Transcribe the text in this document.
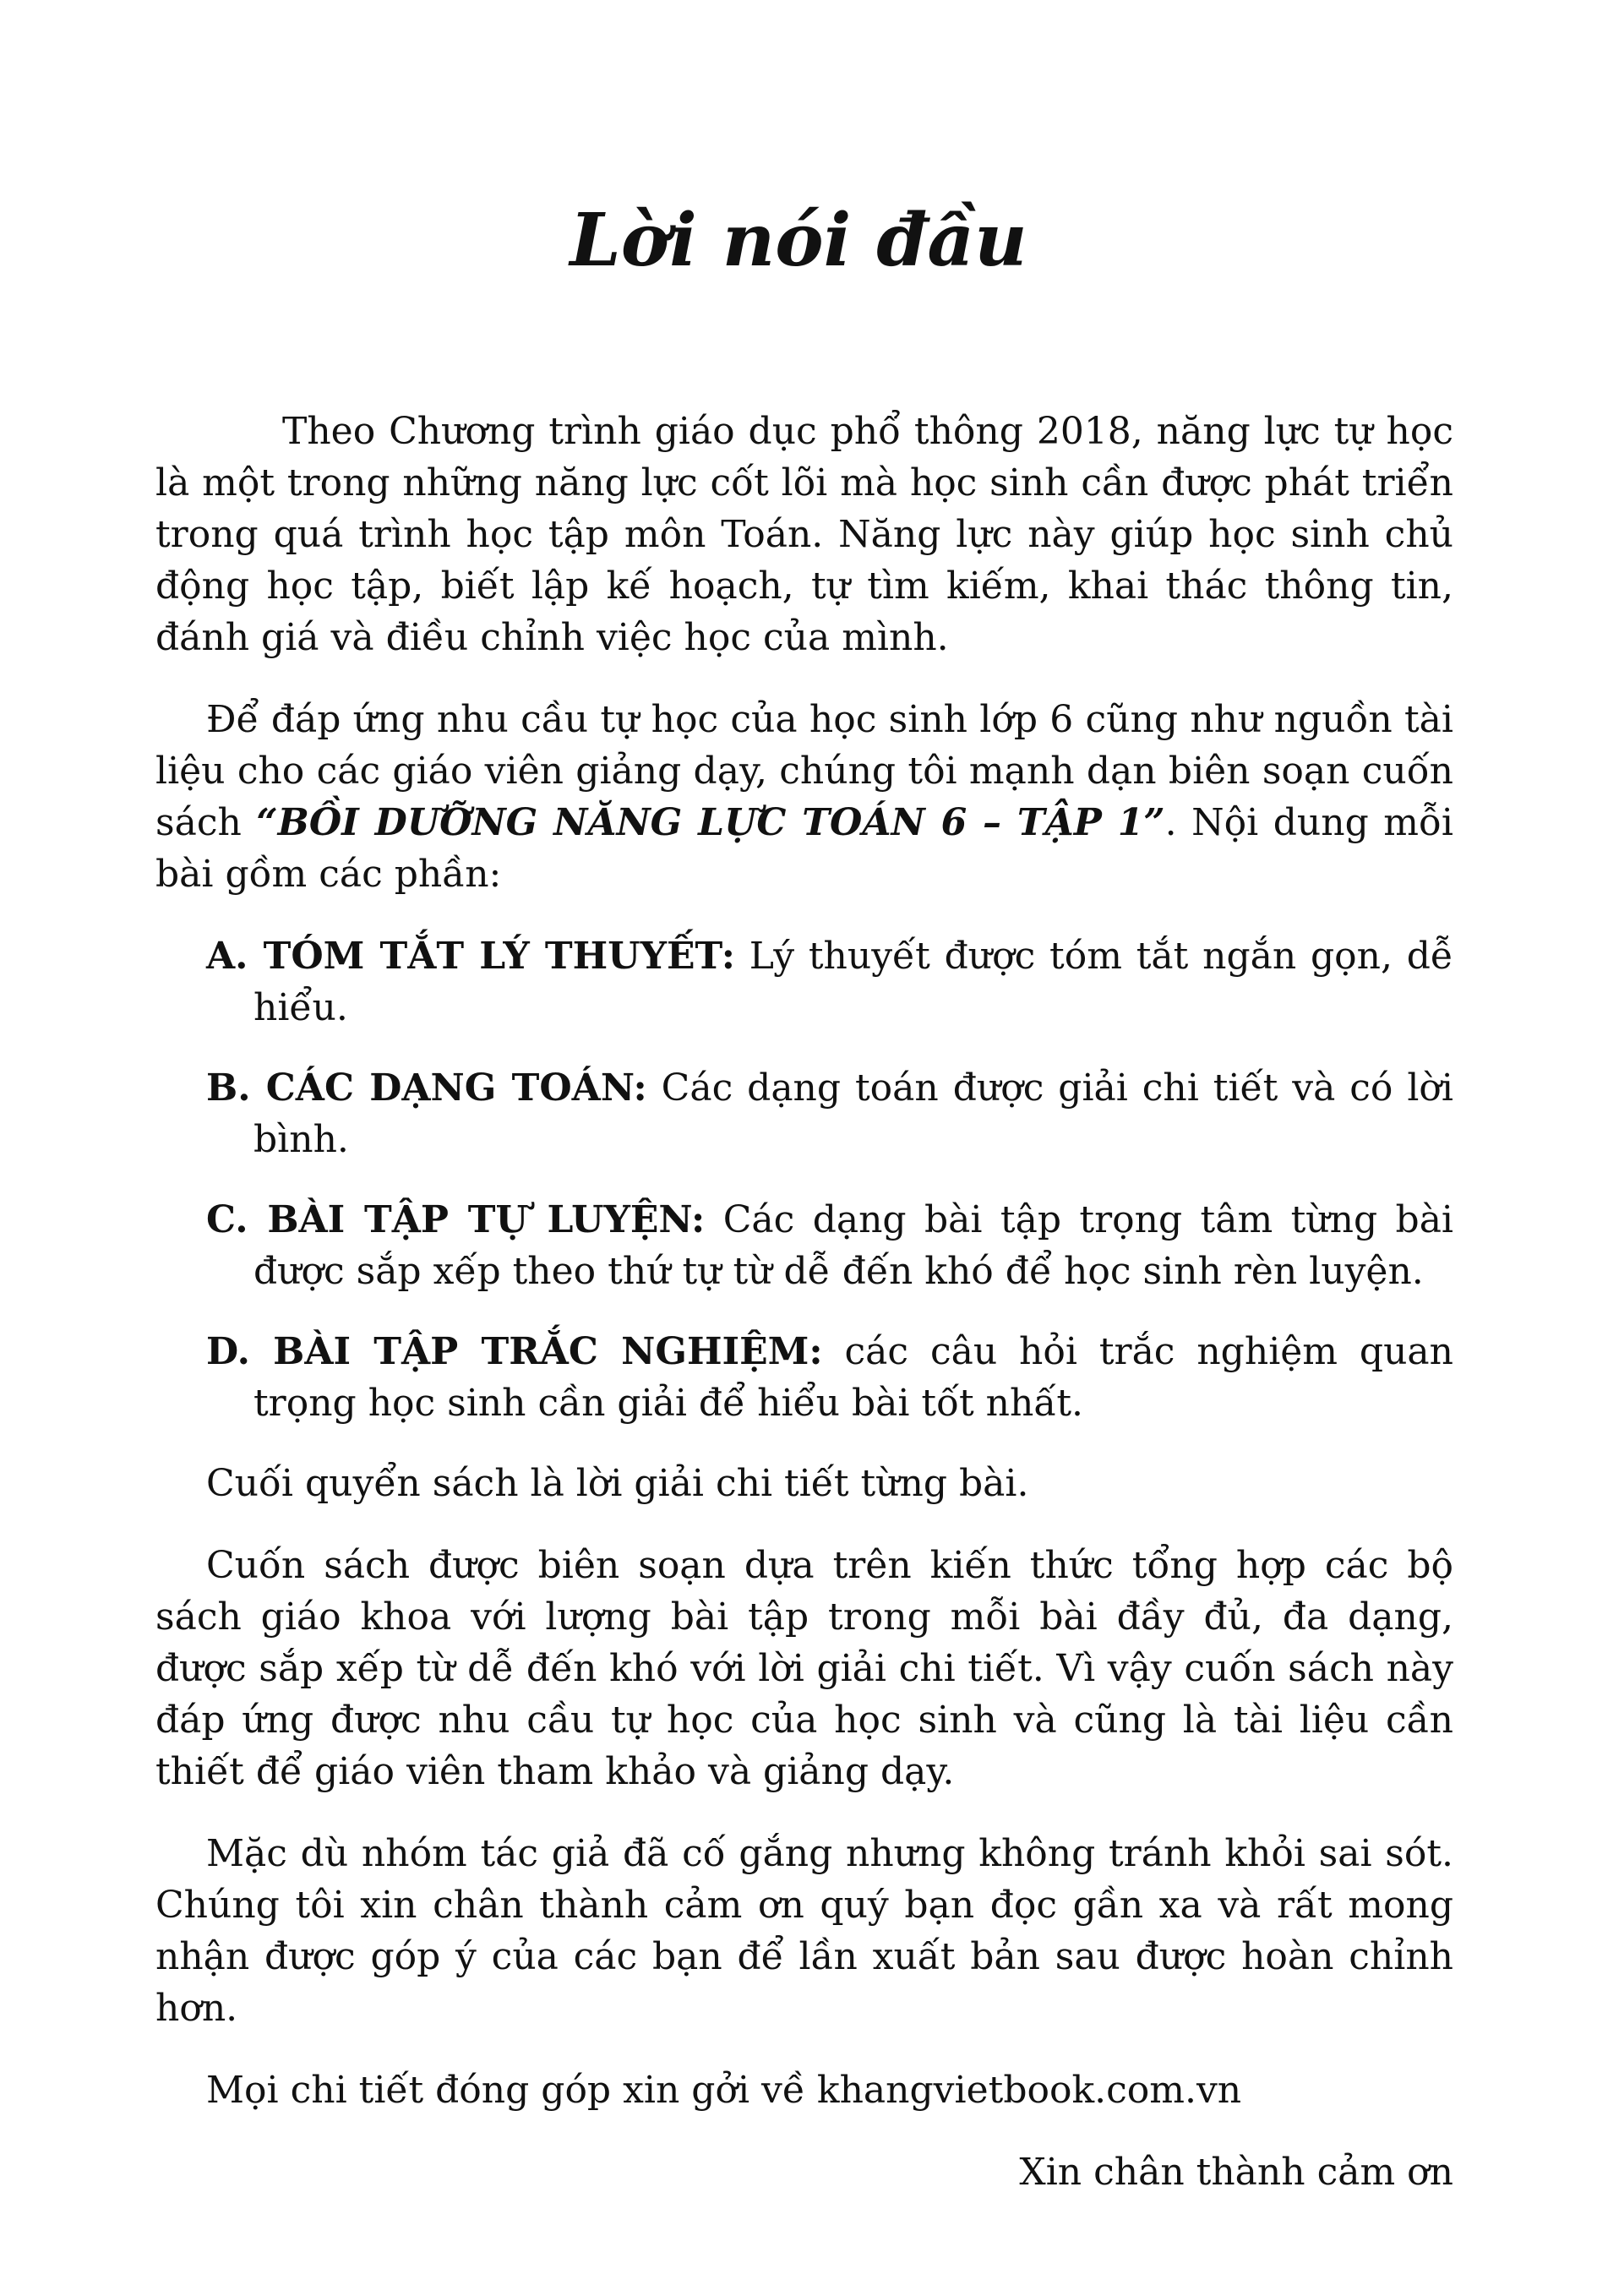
Lời nói đầu

Theo Chương trình giáo dục phổ thông 2018, năng lực tự học là một trong những năng lực cốt lõi mà học sinh cần được phát triển trong quá trình học tập môn Toán. Năng lực này giúp học sinh chủ động học tập, biết lập kế hoạch, tự tìm kiếm, khai thác thông tin, đánh giá và điều chỉnh việc học của mình.

Để đáp ứng nhu cầu tự học của học sinh lớp 6 cũng như nguồn tài liệu cho các giáo viên giảng dạy, chúng tôi mạnh dạn biên soạn cuốn sách “BỒI DƯỠNG NĂNG LỰC TOÁN 6 – TẬP 1”. Nội dung mỗi bài gồm các phần:

A. TÓM TẮT LÝ THUYẾT: Lý thuyết được tóm tắt ngắn gọn, dễ hiểu.

B. CÁC DẠNG TOÁN: Các dạng toán được giải chi tiết và có lời bình.

C. BÀI TẬP TỰ LUYỆN: Các dạng bài tập trọng tâm từng bài được sắp xếp theo thứ tự từ dễ đến khó để học sinh rèn luyện.

D. BÀI TẬP TRẮC NGHIỆM: các câu hỏi trắc nghiệm quan trọng học sinh cần giải để hiểu bài tốt nhất.

Cuối quyển sách là lời giải chi tiết từng bài.

Cuốn sách được biên soạn dựa trên kiến thức tổng hợp các bộ sách giáo khoa với lượng bài tập trong mỗi bài đầy đủ, đa dạng, được sắp xếp từ dễ đến khó với lời giải chi tiết. Vì vậy cuốn sách này đáp ứng được nhu cầu tự học của học sinh và cũng là tài liệu cần thiết để giáo viên tham khảo và giảng dạy.

Mặc dù nhóm tác giả đã cố gắng nhưng không tránh khỏi sai sót. Chúng tôi xin chân thành cảm ơn quý bạn đọc gần xa và rất mong nhận được góp ý của các bạn để lần xuất bản sau được hoàn chỉnh hơn.

Mọi chi tiết đóng góp xin gởi về khangvietbook.com.vn

Xin chân thành cảm ơn
